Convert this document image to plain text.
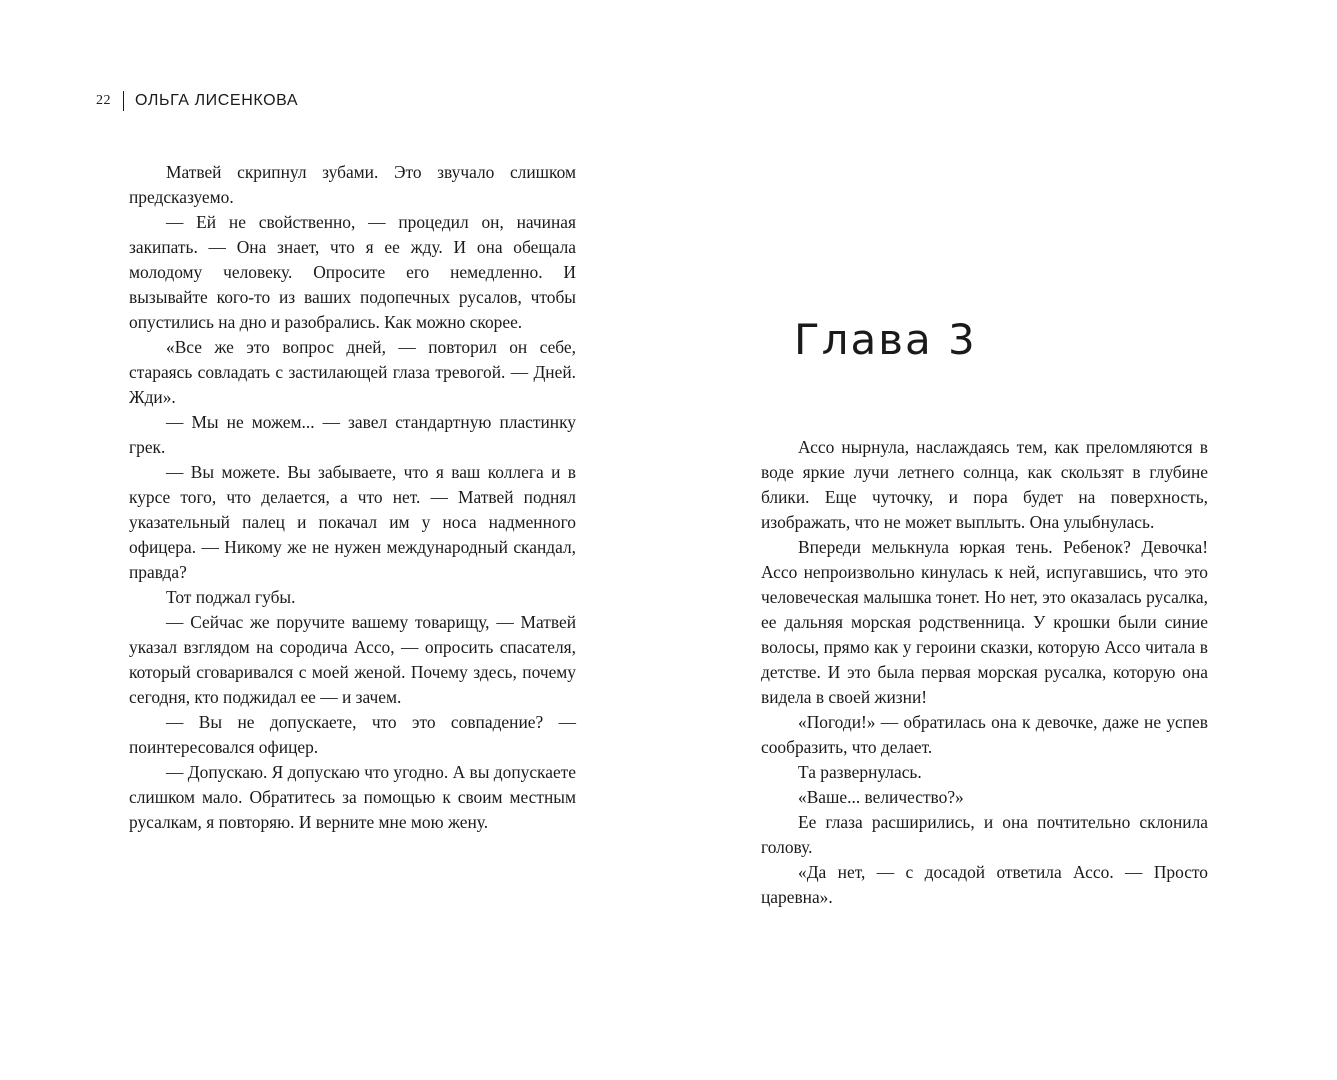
22 ОЛЬГА ЛИСЕНКОВА

Матвей скрипнул зубами. Это звучало слишком предсказуемо.

— Ей не свойственно, — процедил он, начиная закипать. — Она знает, что я ее жду. И она обещала молодому человеку. Опросите его немедленно. И вызывайте кого-то из ваших подопечных русалов, чтобы опустились на дно и разобрались. Как можно скорее.

«Все же это вопрос дней, — повторил он себе, стараясь совладать с застилающей глаза тревогой. — Дней. Жди».

— Мы не можем... — завел стандартную пластинку грек.

— Вы можете. Вы забываете, что я ваш коллега и в курсе того, что делается, а что нет. — Матвей поднял указательный палец и покачал им у носа надменного офицера. — Никому же не нужен международный скандал, правда?

Тот поджал губы.

— Сейчас же поручите вашему товарищу, — Матвей указал взглядом на сородича Ассо, — опросить спасателя, который сговаривался с моей женой. Почему здесь, почему сегодня, кто поджидал ее — и зачем.

— Вы не допускаете, что это совпадение? — поинтересовался офицер.

— Допускаю. Я допускаю что угодно. А вы допускаете слишком мало. Обратитесь за помощью к своим местным русалкам, я повторяю. И верните мне мою жену.

Глава 3

Ассо нырнула, наслаждаясь тем, как преломляются в воде яркие лучи летнего солнца, как скользят в глубине блики. Еще чуточку, и пора будет на поверхность, изображать, что не может выплыть. Она улыбнулась.

Впереди мелькнула юркая тень. Ребенок? Девочка! Ассо непроизвольно кинулась к ней, испугавшись, что это человеческая малышка тонет. Но нет, это оказалась русалка, ее дальняя морская родственница. У крошки были синие волосы, прямо как у героини сказки, которую Ассо читала в детстве. И это была первая морская русалка, которую она видела в своей жизни!

«Погоди!» — обратилась она к девочке, даже не успев сообразить, что делает.

Та развернулась.

«Ваше... величество?»

Ее глаза расширились, и она почтительно склонила голову.

«Да нет, — с досадой ответила Ассо. — Просто царевна».
